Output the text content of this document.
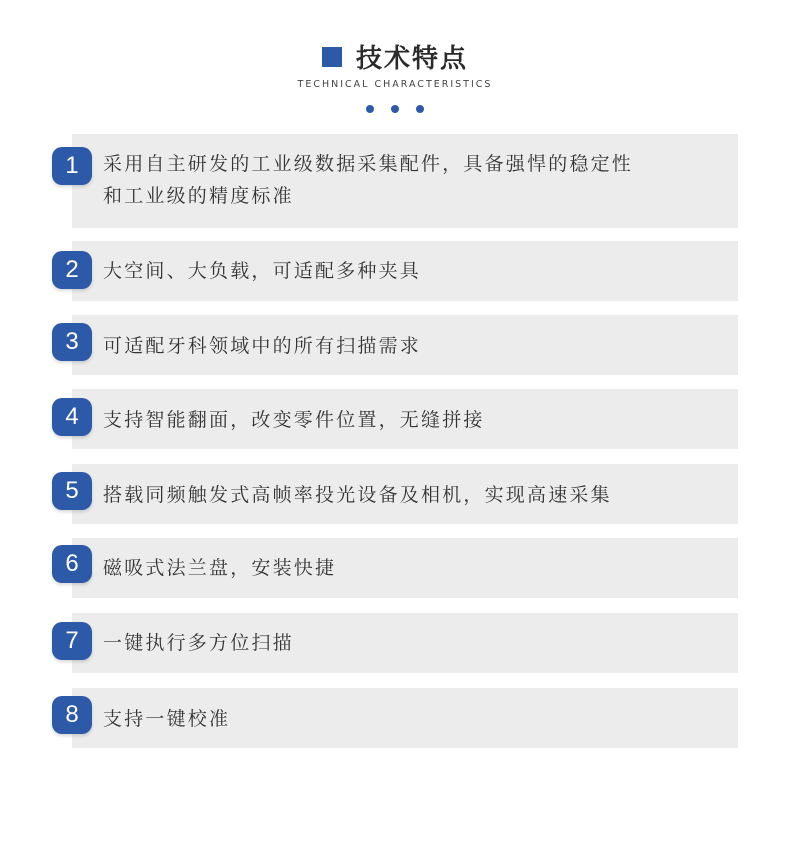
技术特点
TECHNICAL CHARACTERISTICS

1	采用自主研发的工业级数据采集配件，具备强悍的稳定性
和工业级的精度标准
2	大空间、大负载，可适配多种夹具
3	可适配牙科领域中的所有扫描需求
4	支持智能翻面，改变零件位置，无缝拼接
5	搭载同频触发式高帧率投光设备及相机，实现高速采集
6	磁吸式法兰盘，安装快捷
7	一键执行多方位扫描
8	支持一键校准
